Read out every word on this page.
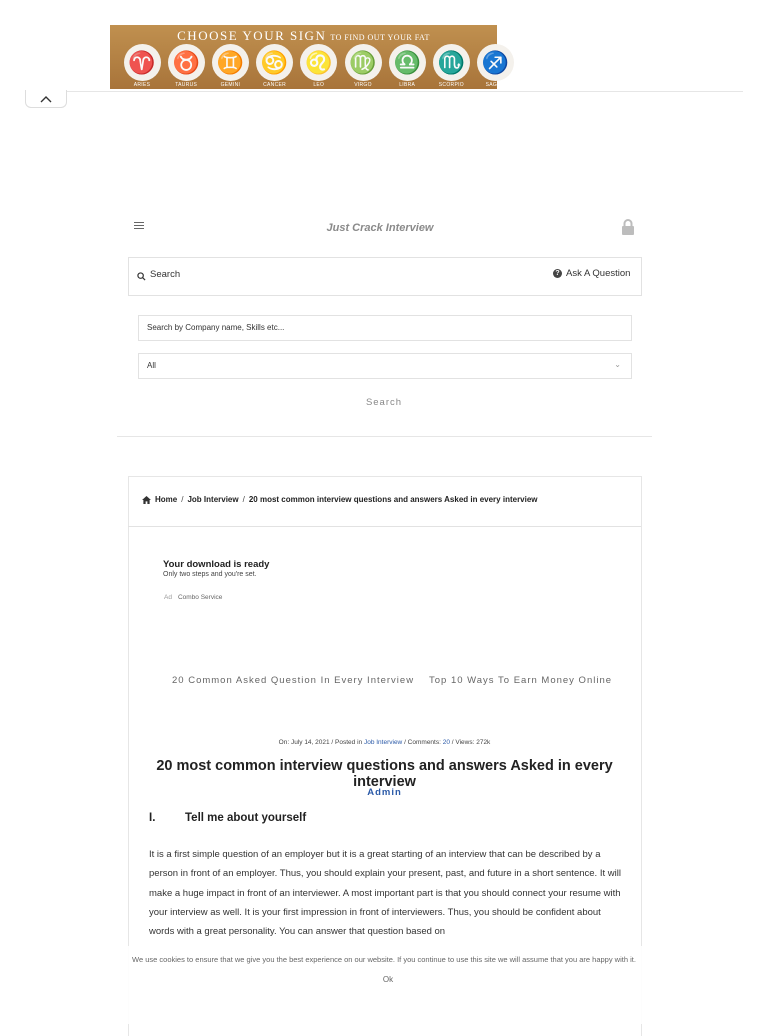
CHOOSE YOUR SIGN TO FIND OUT YOUR FAT
♈
ARIES
♉
TAURUS
♊
GEMINI
♋
CANCER
♌
LEO
♍
VIRGO
♎
LIBRA
♏
SCORPIO
♐
SAGITT
Just Crack Interview
Search	? Ask A Question
Search by Company name, Skills etc...
All	⌄
Search
Home / Job Interview / 20 most common interview questions and answers Asked in every interview
Your download is ready
Only two steps and you're set.
Ad Combo Service
20 Common Asked Question In Every Interview Top 10 Ways To Earn Money Online
On: July 14, 2021 / Posted in Job Interview / Comments: 20 / Views: 272k
20 most common interview questions and answers Asked in every interview
Admin
I.	Tell me about yourself
It is a first simple question of an employer but it is a great starting of an interview that can be described by a person in front of an employer. Thus, you should explain your present, past, and future in a short sentence. It will make a huge impact in front of an interviewer. A most important part is that you should connect your resume with your interview as well. It is your first impression in front of interviewers. Thus, you should be confident about words with a great personality. You can answer that question based on
We use cookies to ensure that we give you the best experience on our website. If you continue to use this site we will assume that you are happy with it.
Ok
